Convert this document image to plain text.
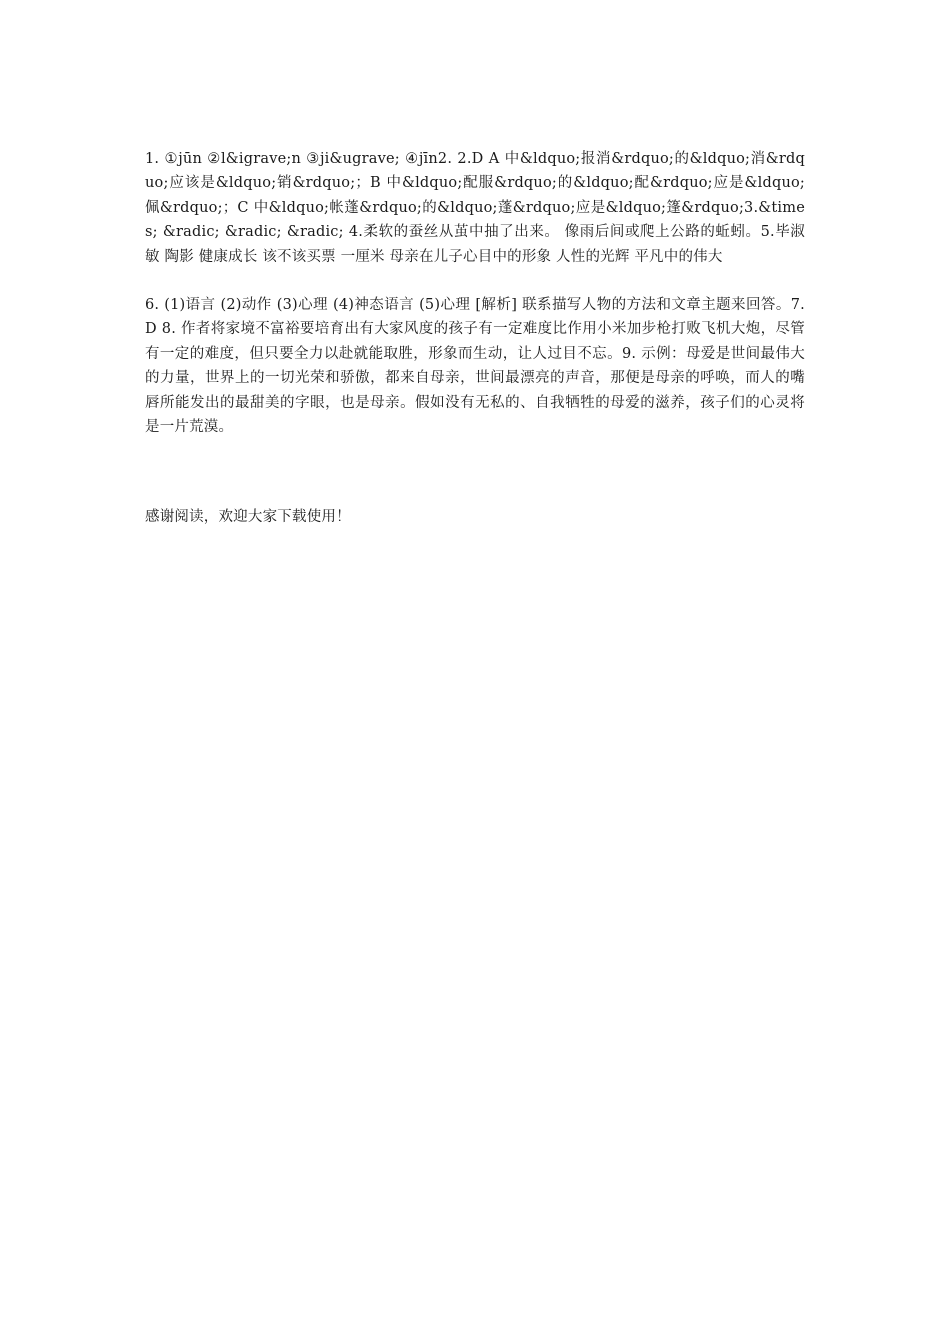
1. ①jūn ②l&igrave;n ③ji&ugrave; ④jīn2. 2.D A 中&ldquo;报消&rdquo;的&ldquo;消&rdquo;应该是&ldquo;销&rdquo;；B 中&ldquo;配服&rdquo;的&ldquo;配&rdquo;应是&ldquo;佩&rdquo;；C 中&ldquo;帐蓬&rdquo;的&ldquo;蓬&rdquo;应是&ldquo;篷&rdquo;3.&times; &radic; &radic; &radic; 4.柔软的蚕丝从茧中抽了出来。 像雨后间或爬上公路的蚯蚓。5.毕淑敏 陶影 健康成长 该不该买票 一厘米 母亲在儿子心目中的形象 人性的光辉 平凡中的伟大

6. (1)语言 (2)动作 (3)心理 (4)神态语言 (5)心理 [解析] 联系描写人物的方法和文章主题来回答。7.D 8. 作者将家境不富裕要培育出有大家风度的孩子有一定难度比作用小米加步枪打败飞机大炮，尽管有一定的难度，但只要全力以赴就能取胜，形象而生动，让人过目不忘。9. 示例：母爱是世间最伟大的力量，世界上的一切光荣和骄傲，都来自母亲，世间最漂亮的声音，那便是母亲的呼唤，而人的嘴唇所能发出的最甜美的字眼，也是母亲。假如没有无私的、自我牺牲的母爱的滋养，孩子们的心灵将是一片荒漠。

感谢阅读，欢迎大家下载使用！
